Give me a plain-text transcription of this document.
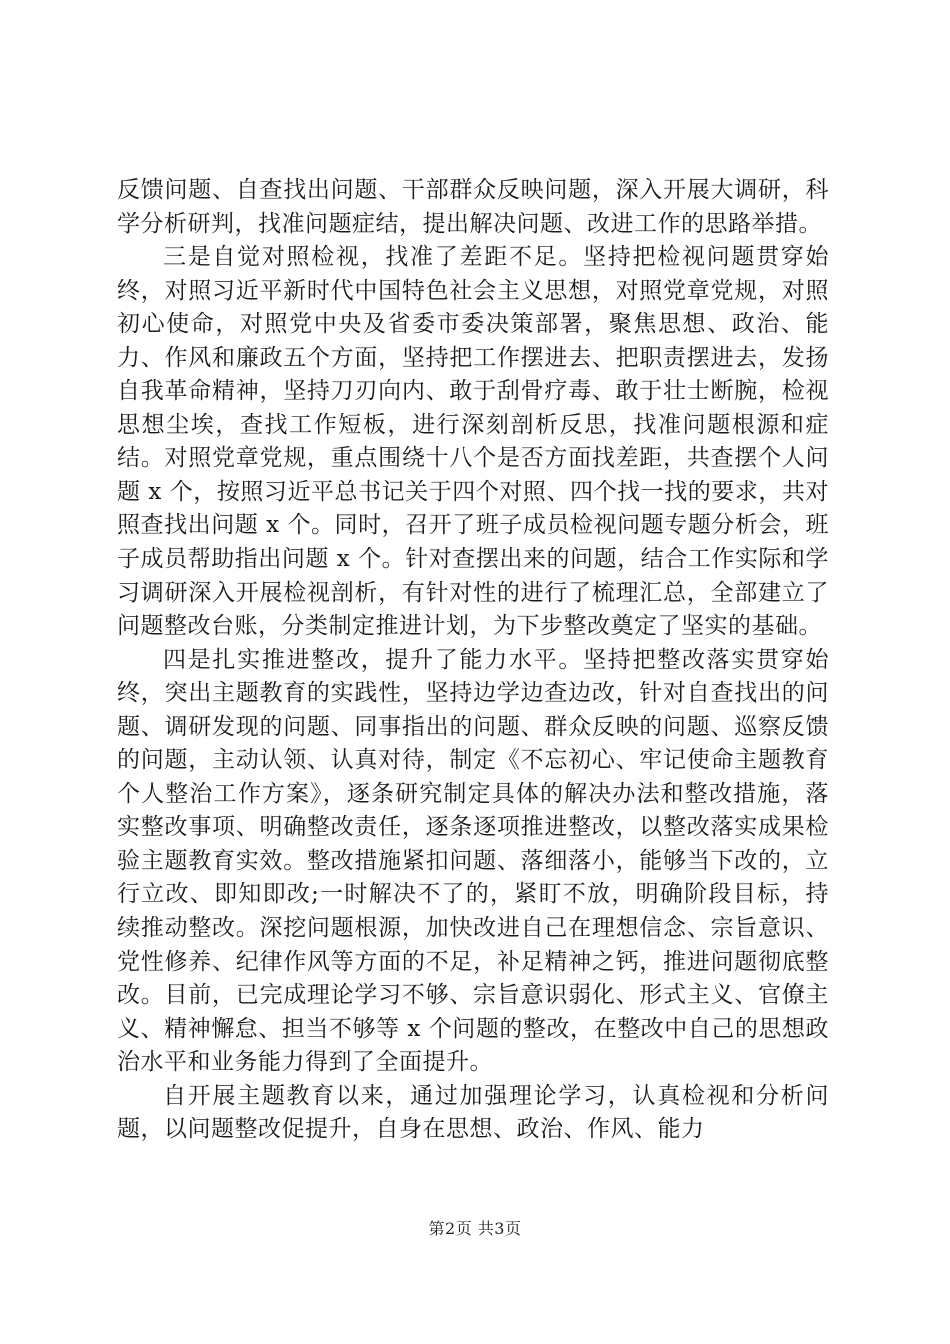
反馈问题、自查找出问题、干部群众反映问题，深入开展大调研，科学分析研判，找准问题症结，提出解决问题、改进工作的思路举措。

三是自觉对照检视，找准了差距不足。坚持把检视问题贯穿始终，对照习近平新时代中国特色社会主义思想，对照党章党规，对照初心使命，对照党中央及省委市委决策部署，聚焦思想、政治、能力、作风和廉政五个方面，坚持把工作摆进去、把职责摆进去，发扬自我革命精神，坚持刀刃向内、敢于刮骨疗毒、敢于壮士断腕，检视思想尘埃，查找工作短板，进行深刻剖析反思，找准问题根源和症结。对照党章党规，重点围绕十八个是否方面找差距，共查摆个人问题 x 个，按照习近平总书记关于四个对照、四个找一找的要求，共对照查找出问题 x 个。同时，召开了班子成员检视问题专题分析会，班子成员帮助指出问题 x 个。针对查摆出来的问题，结合工作实际和学习调研深入开展检视剖析，有针对性的进行了梳理汇总，全部建立了问题整改台账，分类制定推进计划，为下步整改奠定了坚实的基础。

四是扎实推进整改，提升了能力水平。坚持把整改落实贯穿始终，突出主题教育的实践性，坚持边学边查边改，针对自查找出的问题、调研发现的问题、同事指出的问题、群众反映的问题、巡察反馈的问题，主动认领、认真对待，制定《不忘初心、牢记使命主题教育个人整治工作方案》，逐条研究制定具体的解决办法和整改措施，落实整改事项、明确整改责任，逐条逐项推进整改，以整改落实成果检验主题教育实效。整改措施紧扣问题、落细落小，能够当下改的，立行立改、即知即改;一时解决不了的，紧盯不放，明确阶段目标，持续推动整改。深挖问题根源，加快改进自己在理想信念、宗旨意识、党性修养、纪律作风等方面的不足，补足精神之钙，推进问题彻底整改。目前，已完成理论学习不够、宗旨意识弱化、形式主义、官僚主义、精神懈怠、担当不够等 x 个问题的整改，在整改中自己的思想政治水平和业务能力得到了全面提升。

自开展主题教育以来，通过加强理论学习，认真检视和分析问题，以问题整改促提升，自身在思想、政治、作风、能力

第2页 共3页
